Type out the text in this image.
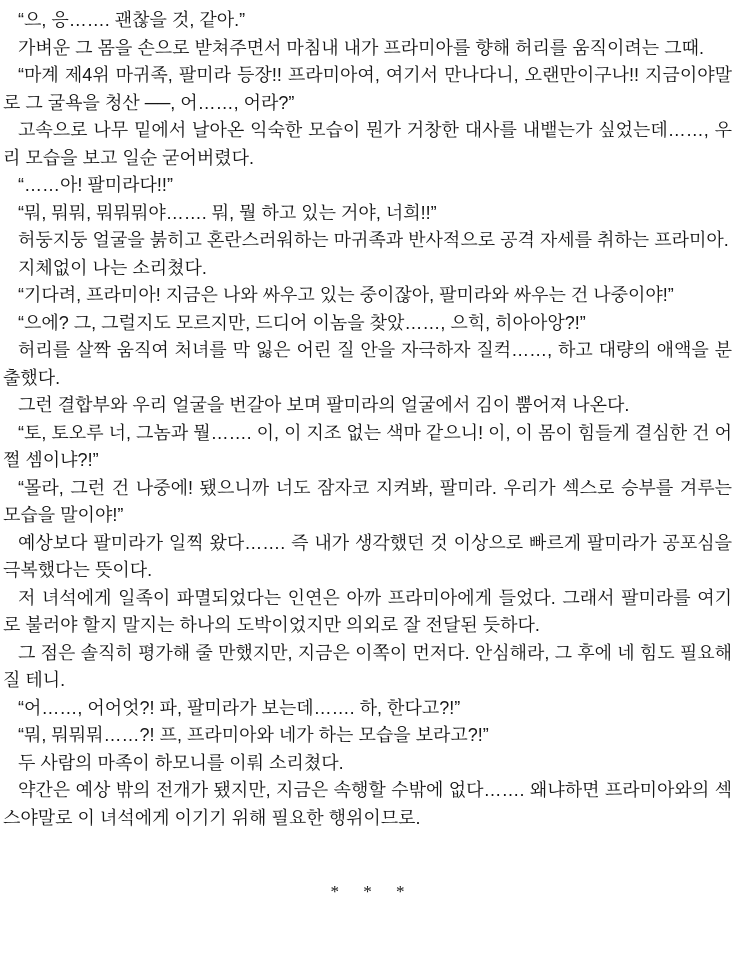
“으, 응……. 괜찮을 것, 같아.”

가벼운 그 몸을 손으로 받쳐주면서 마침내 내가 프라미아를 향해 허리를 움직이려는 그때.

“마계 제4위 마귀족, 팔미라 등장!! 프라미아여, 여기서 만나다니, 오랜만이구나!! 지금이야말로 그 굴욕을 청산 ──, 어……, 어라?”

고속으로 나무 밑에서 날아온 익숙한 모습이 뭔가 거창한 대사를 내뱉는가 싶었는데……, 우리 모습을 보고 일순 굳어버렸다.

“……아! 팔미라다!!”

“뭐, 뭐뭐, 뭐뭐뭐야……. 뭐, 뭘 하고 있는 거야, 너희!!”

허둥지둥 얼굴을 붉히고 혼란스러워하는 마귀족과 반사적으로 공격 자세를 취하는 프라미아.

지체없이 나는 소리쳤다.

“기다려, 프라미아! 지금은 나와 싸우고 있는 중이잖아, 팔미라와 싸우는 건 나중이야!”

“으에? 그, 그럴지도 모르지만, 드디어 이놈을 찾았……, 으힉, 히아아앙?!”

허리를 살짝 움직여 처녀를 막 잃은 어린 질 안을 자극하자 질컥……, 하고 대량의 애액을 분출했다.

그런 결합부와 우리 얼굴을 번갈아 보며 팔미라의 얼굴에서 김이 뿜어져 나온다.

“토, 토오루 너, 그놈과 뭘……. 이, 이 지조 없는 색마 같으니! 이, 이 몸이 힘들게 결심한 건 어쩔 셈이냐?!”

“몰라, 그런 건 나중에! 됐으니까 너도 잠자코 지켜봐, 팔미라. 우리가 섹스로 승부를 겨루는 모습을 말이야!”

예상보다 팔미라가 일찍 왔다……. 즉 내가 생각했던 것 이상으로 빠르게 팔미라가 공포심을 극복했다는 뜻이다.

저 녀석에게 일족이 파멸되었다는 인연은 아까 프라미아에게 들었다. 그래서 팔미라를 여기로 불러야 할지 말지는 하나의 도박이었지만 의외로 잘 전달된 듯하다.

그 점은 솔직히 평가해 줄 만했지만, 지금은 이쪽이 먼저다. 안심해라, 그 후에 네 힘도 필요해질 테니.

“어……, 어어엇?! 파, 팔미라가 보는데……. 하, 한다고?!”

“뭐, 뭐뭐뭐……?! 프, 프라미아와 네가 하는 모습을 보라고?!”

두 사람의 마족이 하모니를 이뤄 소리쳤다.

약간은 예상 밖의 전개가 됐지만, 지금은 속행할 수밖에 없다……. 왜냐하면 프라미아와의 섹스야말로 이 녀석에게 이기기 위해 필요한 행위이므로.

* * *
